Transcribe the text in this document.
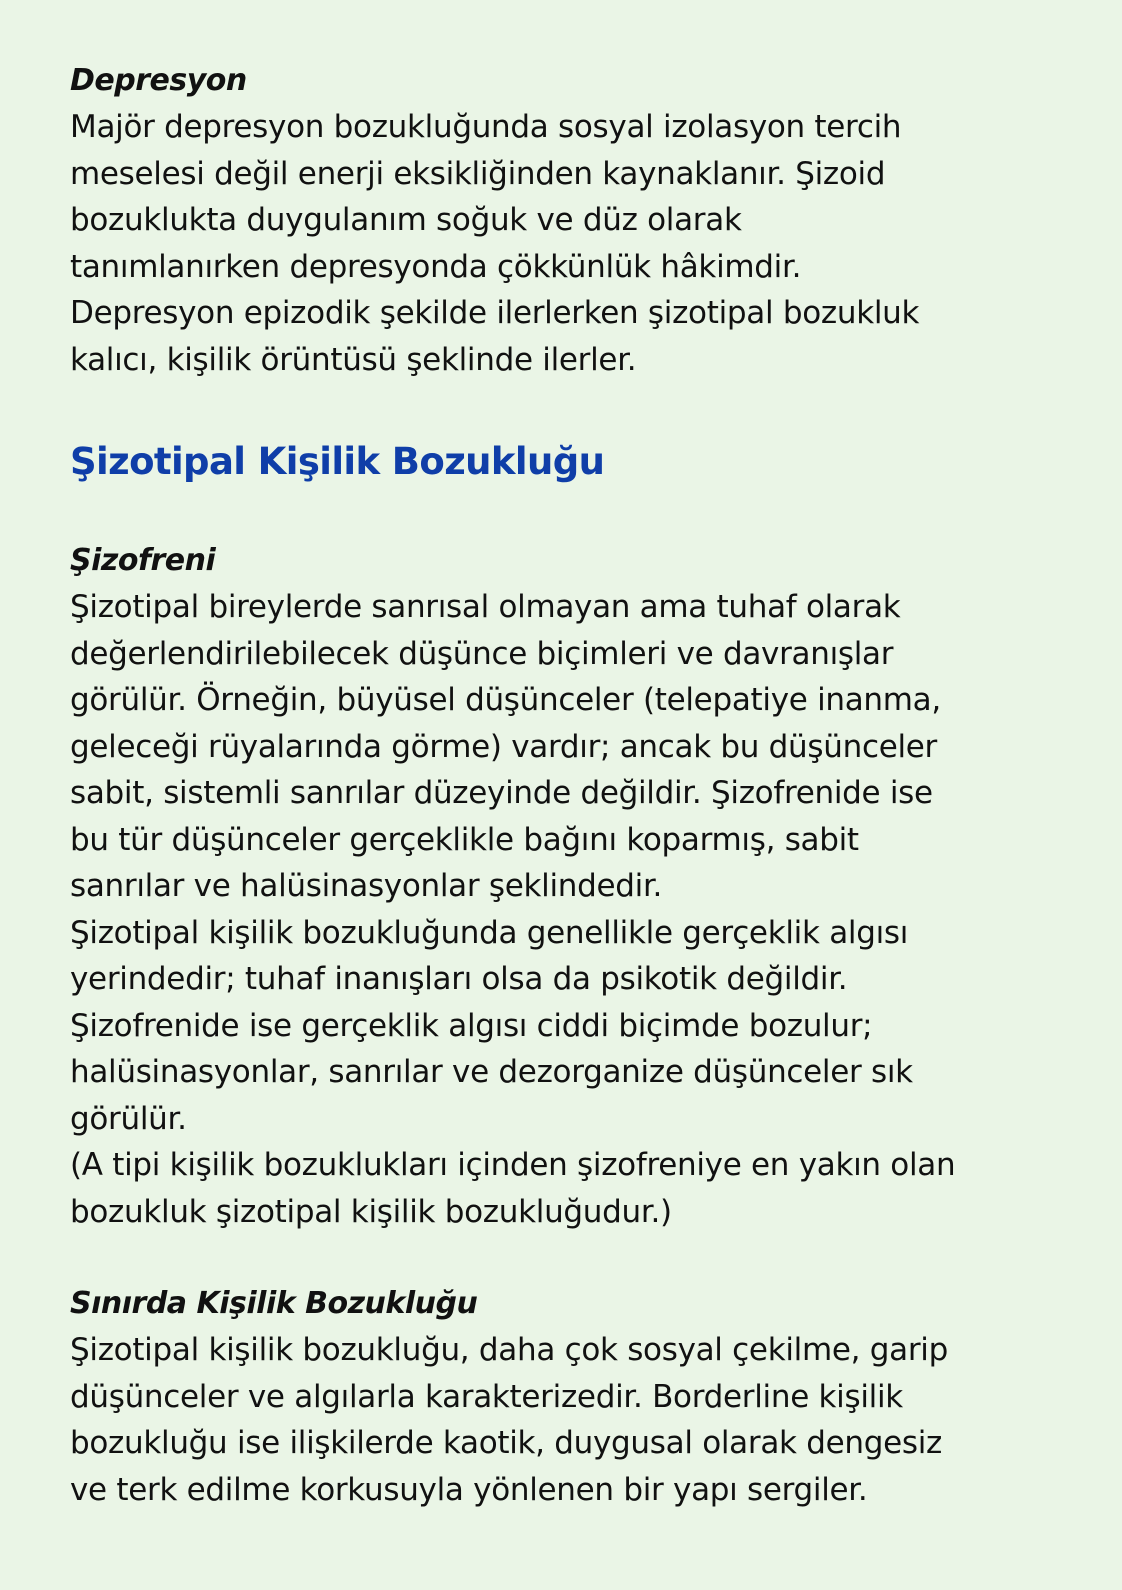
Depresyon

Majör depresyon bozukluğunda sosyal izolasyon tercih

meselesi değil enerji eksikliğinden kaynaklanır. Şizoid

bozuklukta duygulanım soğuk ve düz olarak

tanımlanırken depresyonda çökkünlük hâkimdir.

Depresyon epizodik şekilde ilerlerken şizotipal bozukluk

kalıcı, kişilik örüntüsü şeklinde ilerler.

Şizotipal Kişilik Bozukluğu
Şizofreni

Şizotipal bireylerde sanrısal olmayan ama tuhaf olarak

değerlendirilebilecek düşünce biçimleri ve davranışlar

görülür. Örneğin, büyüsel düşünceler (telepatiye inanma,

geleceği rüyalarında görme) vardır; ancak bu düşünceler

sabit, sistemli sanrılar düzeyinde değildir. Şizofrenide ise

bu tür düşünceler gerçeklikle bağını koparmış, sabit

sanrılar ve halüsinasyonlar şeklindedir.

Şizotipal kişilik bozukluğunda genellikle gerçeklik algısı

yerindedir; tuhaf inanışları olsa da psikotik değildir.

Şizofrenide ise gerçeklik algısı ciddi biçimde bozulur;

halüsinasyonlar, sanrılar ve dezorganize düşünceler sık

görülür.

(A tipi kişilik bozuklukları içinden şizofreniye en yakın olan

bozukluk şizotipal kişilik bozukluğudur.)

Sınırda Kişilik Bozukluğu

Şizotipal kişilik bozukluğu, daha çok sosyal çekilme, garip

düşünceler ve algılarla karakterizedir. Borderline kişilik

bozukluğu ise ilişkilerde kaotik, duygusal olarak dengesiz

ve terk edilme korkusuyla yönlenen bir yapı sergiler.
